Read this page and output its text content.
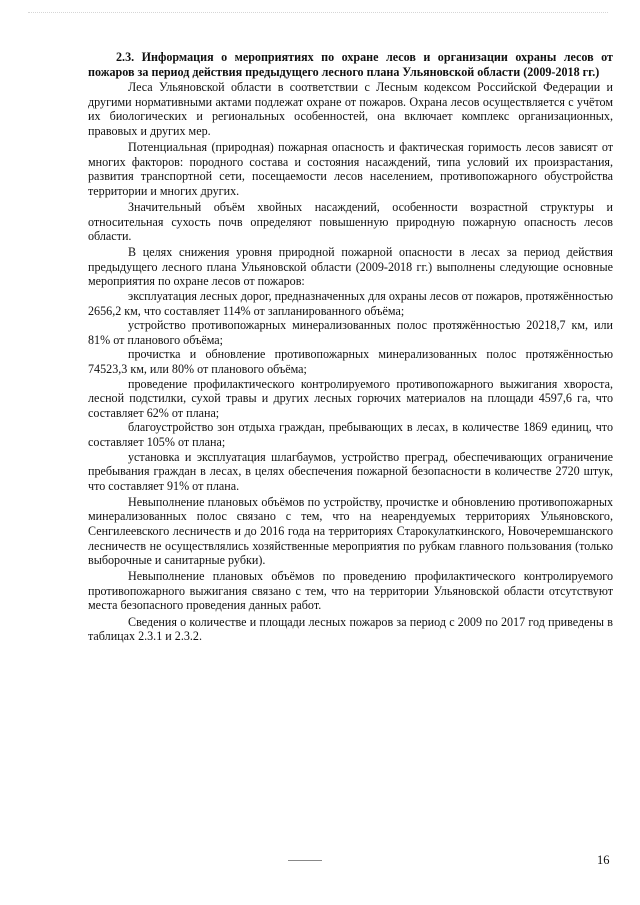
2.3. Информация о мероприятиях по охране лесов и организации охраны лесов от пожаров за период действия предыдущего лесного плана Ульяновской области (2009-2018 гг.)

Леса Ульяновской области в соответствии с Лесным кодексом Российской Федерации и другими нормативными актами подлежат охране от пожаров. Охрана лесов осуществляется с учётом их биологических и региональных особенностей, она включает комплекс организационных, правовых и других мер.

Потенциальная (природная) пожарная опасность и фактическая горимость лесов зависят от многих факторов: породного состава и состояния насаждений, типа условий их произрастания, развития транспортной сети, посещаемости лесов населением, противопожарного обустройства территории и многих других.

Значительный объём хвойных насаждений, особенности возрастной структуры и относительная сухость почв определяют повышенную природную пожарную опасность лесов области.

В целях снижения уровня природной пожарной опасности в лесах за период действия предыдущего лесного плана Ульяновской области (2009-2018 гг.) выполнены следующие основные мероприятия по охране лесов от пожаров:

эксплуатация лесных дорог, предназначенных для охраны лесов от пожаров, протяжённостью 2656,2 км, что составляет 114% от запланированного объёма;

устройство противопожарных минерализованных полос протяжённостью 20218,7 км, или 81% от планового объёма;

прочистка и обновление противопожарных минерализованных полос протяжённостью 74523,3 км, или 80% от планового объёма;

проведение профилактического контролируемого противопожарного выжигания хвороста, лесной подстилки, сухой травы и других лесных горючих материалов на площади 4597,6 га, что составляет 62% от плана;

благоустройство зон отдыха граждан, пребывающих в лесах, в количестве 1869 единиц, что составляет 105% от плана;

установка и эксплуатация шлагбаумов, устройство преград, обеспечивающих ограничение пребывания граждан в лесах, в целях обеспечения пожарной безопасности в количестве 2720 штук, что составляет 91% от плана.

Невыполнение плановых объёмов по устройству, прочистке и обновлению противопожарных минерализованных полос связано с тем, что на неарендуемых территориях Ульяновского, Сенгилеевского лесничеств и до 2016 года на территориях Старокулаткинского, Новочеремшанского лесничеств не осуществлялись хозяйственные мероприятия по рубкам главного пользования (только выборочные и санитарные рубки).

Невыполнение плановых объёмов по проведению профилактического контролируемого противопожарного выжигания связано с тем, что на территории Ульяновской области отсутствуют места безопасного проведения данных работ.

Сведения о количестве и площади лесных пожаров за период с 2009 по 2017 год приведены в таблицах 2.3.1 и 2.3.2.

16
